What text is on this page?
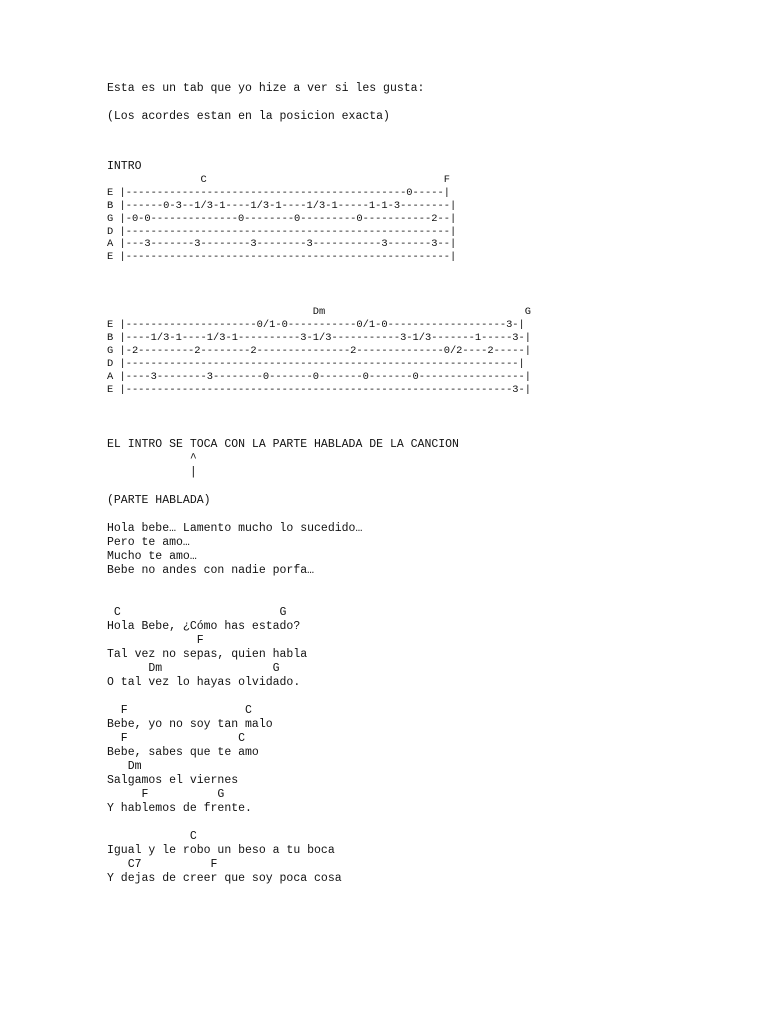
Esta es un tab que yo hize a ver si les gusta:
(Los acordes estan en la posicion exacta)
INTRO
C                                      F
E |---------------------------------------------0-----|
B |------0-3--1/3-1----1/3-1----1/3-1-----1-1-3--------|
G |-0-0--------------0--------0---------0-----------2--|
D |----------------------------------------------------|
A |---3-------3--------3--------3-----------3-------3--|
E |----------------------------------------------------|
Dm                                G
E |---------------------0/1-0-----------0/1-0-------------------3-|
B |----1/3-1----1/3-1----------3-1/3-----------3-1/3-------1-----3-|
G |-2---------2--------2---------------2--------------0/2----2-----|
D |---------------------------------------------------------------|
A |----3--------3--------0-------0-------0-------0-----------------|
E |--------------------------------------------------------------3-|
EL INTRO SE TOCA CON LA PARTE HABLADA DE LA CANCION
^
|
(PARTE HABLADA)
Hola bebe… Lamento mucho lo sucedido…
Pero te amo…
Mucho te amo…
Bebe no andes con nadie porfa…
C                       G
Hola Bebe, ¿Cómo has estado?
F
Tal vez no sepas, quien habla
Dm                G
O tal vez lo hayas olvidado.
F                 C
Bebe, yo no soy tan malo
F                C
Bebe, sabes que te amo
Dm
Salgamos el viernes
F          G
Y hablemos de frente.
C
Igual y le robo un beso a tu boca
C7          F
Y dejas de creer que soy poca cosa
